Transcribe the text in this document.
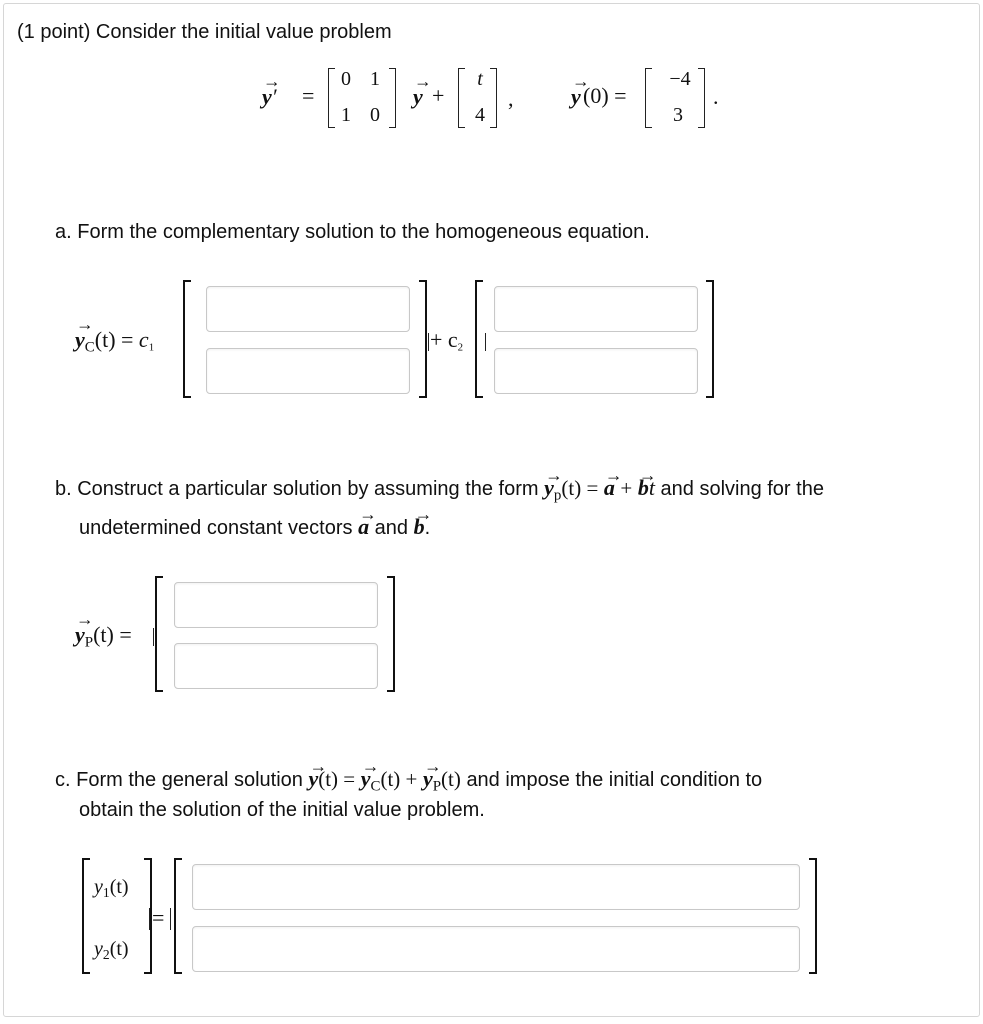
(1 point) Consider the initial value problem
→ y′ =
0 1
1 0
→ y +
t
4
,	→ y (0) =
−4
3
.
a. Form the complementary solution to the homogeneous equation.
→ $y_C(t) = c_1$	+ $c_2$
b. Construct a particular solution by assuming the form → $y_p(t)$ = → a + → bt and solving for the
undetermined constant vectors → a and → b.
→ $y_P(t)$ =
c. Form the general solution → y(t) = → $y_C(t)$ + → $y_P(t)$ and impose the initial condition to
obtain the solution of the initial value problem.
$y_1(t)$
$y_2(t)$
=
